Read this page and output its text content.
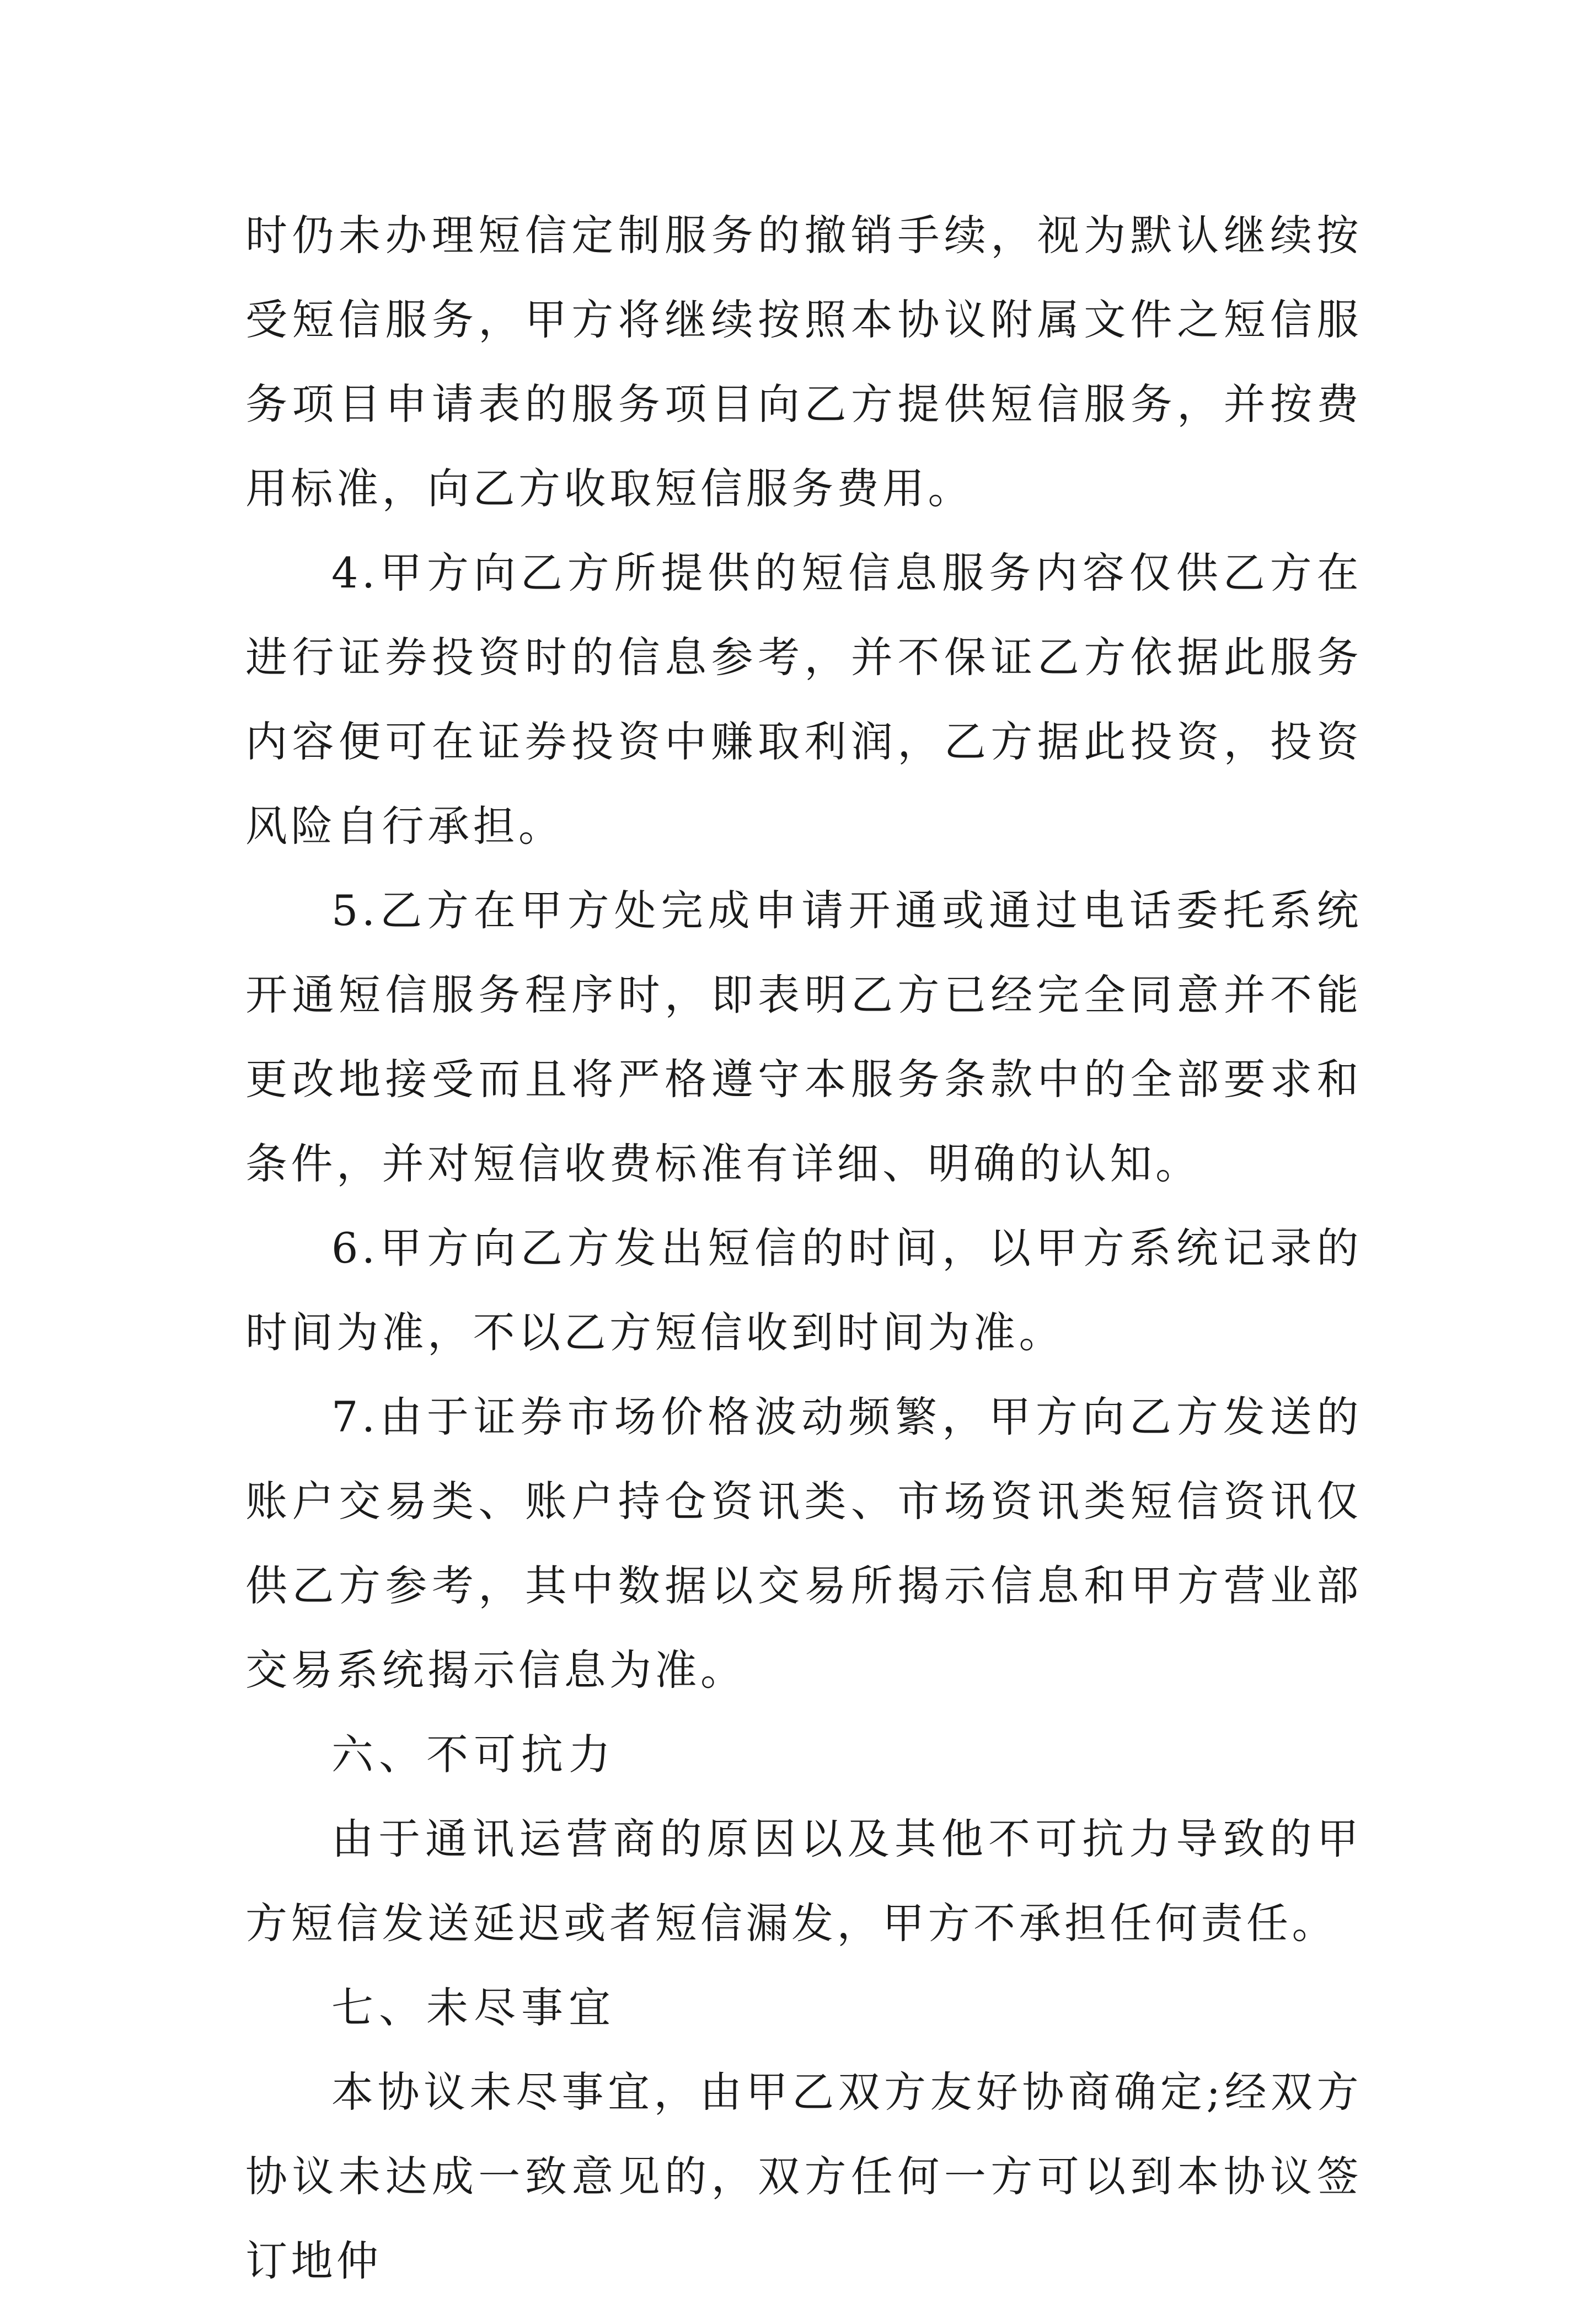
时仍未办理短信定制服务的撤销手续，视为默认继续按受短信服务，甲方将继续按照本协议附属文件之短信服务项目申请表的服务项目向乙方提供短信服务，并按费用标准，向乙方收取短信服务费用。

4.甲方向乙方所提供的短信息服务内容仅供乙方在进行证券投资时的信息参考，并不保证乙方依据此服务内容便可在证券投资中赚取利润，乙方据此投资，投资风险自行承担。

5.乙方在甲方处完成申请开通或通过电话委托系统开通短信服务程序时，即表明乙方已经完全同意并不能更改地接受而且将严格遵守本服务条款中的全部要求和条件，并对短信收费标准有详细、明确的认知。

6.甲方向乙方发出短信的时间，以甲方系统记录的时间为准，不以乙方短信收到时间为准。

7.由于证券市场价格波动频繁，甲方向乙方发送的账户交易类、账户持仓资讯类、市场资讯类短信资讯仅供乙方参考，其中数据以交易所揭示信息和甲方营业部交易系统揭示信息为准。

六、不可抗力

由于通讯运营商的原因以及其他不可抗力导致的甲方短信发送延迟或者短信漏发，甲方不承担任何责任。

七、未尽事宜

本协议未尽事宜，由甲乙双方友好协商确定;经双方协议未达成一致意见的，双方任何一方可以到本协议签订地仲
